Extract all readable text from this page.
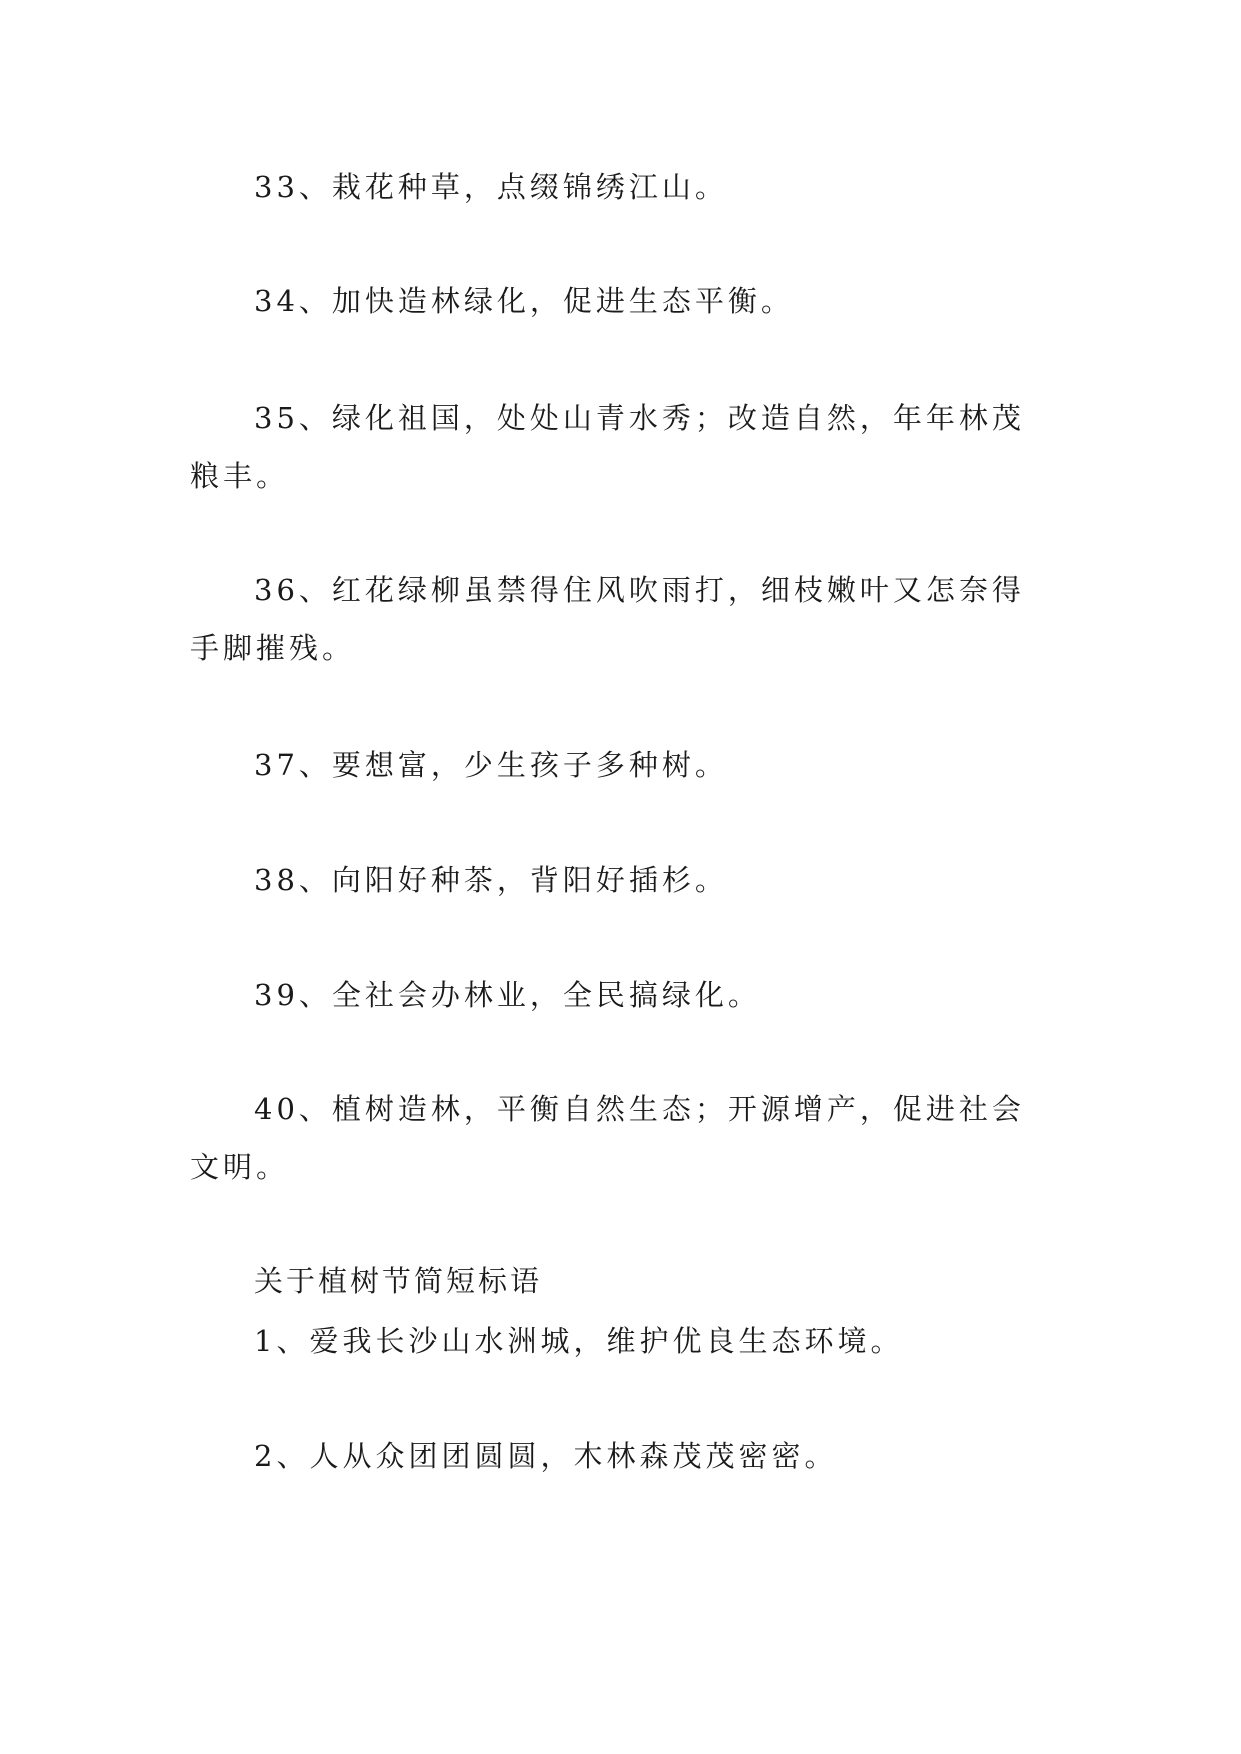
33、栽花种草，点缀锦绣江山。

34、加快造林绿化，促进生态平衡。

35、绿化祖国，处处山青水秀；改造自然，年年林茂粮丰。

36、红花绿柳虽禁得住风吹雨打，细枝嫩叶又怎奈得手脚摧残。

37、要想富，少生孩子多种树。

38、向阳好种茶，背阳好插杉。

39、全社会办林业，全民搞绿化。

40、植树造林，平衡自然生态；开源增产，促进社会文明。

关于植树节简短标语

1、爱我长沙山水洲城，维护优良生态环境。

2、人从众团团圆圆，木林森茂茂密密。
